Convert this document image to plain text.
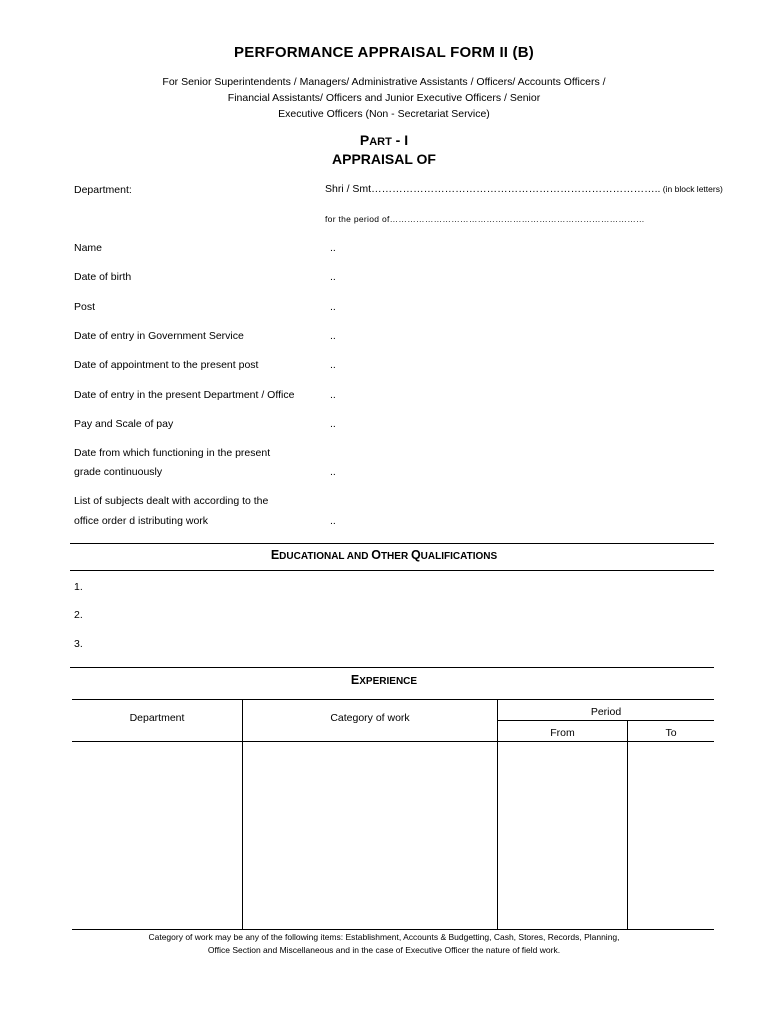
PERFORMANCE APPRAISAL FORM II (B)
For Senior Superintendents / Managers/ Administrative Assistants / Officers/ Accounts Officers /
Financial Assistants/ Officers and Junior Executive Officers / Senior
Executive Officers (Non - Secretariat Service)
PART - I
APPRAISAL OF
Department:	Shri / Smt……………………………………………………………………….. (in block letters)
for the period of……………………………………………………………………………
Name	..
Date of birth	..
Post	..
Date of entry in Government Service	..
Date of appointment to the present post	..
Date of entry in the present Department / Office	..
Pay and Scale of pay	..
Date from which functioning in the present
grade continuously	..
List of subjects dealt with according to the
office order d istributing work	..
EDUCATIONAL AND OTHER QUALIFICATIONS
1.
2.
3.
EXPERIENCE
Department	Category of work	Period
From	To
Category of work may be any of the following items: Establishment, Accounts & Budgetting, Cash, Stores, Records, Planning,
Office Section and Miscellaneous and in the case of Executive Officer the nature of field work.
